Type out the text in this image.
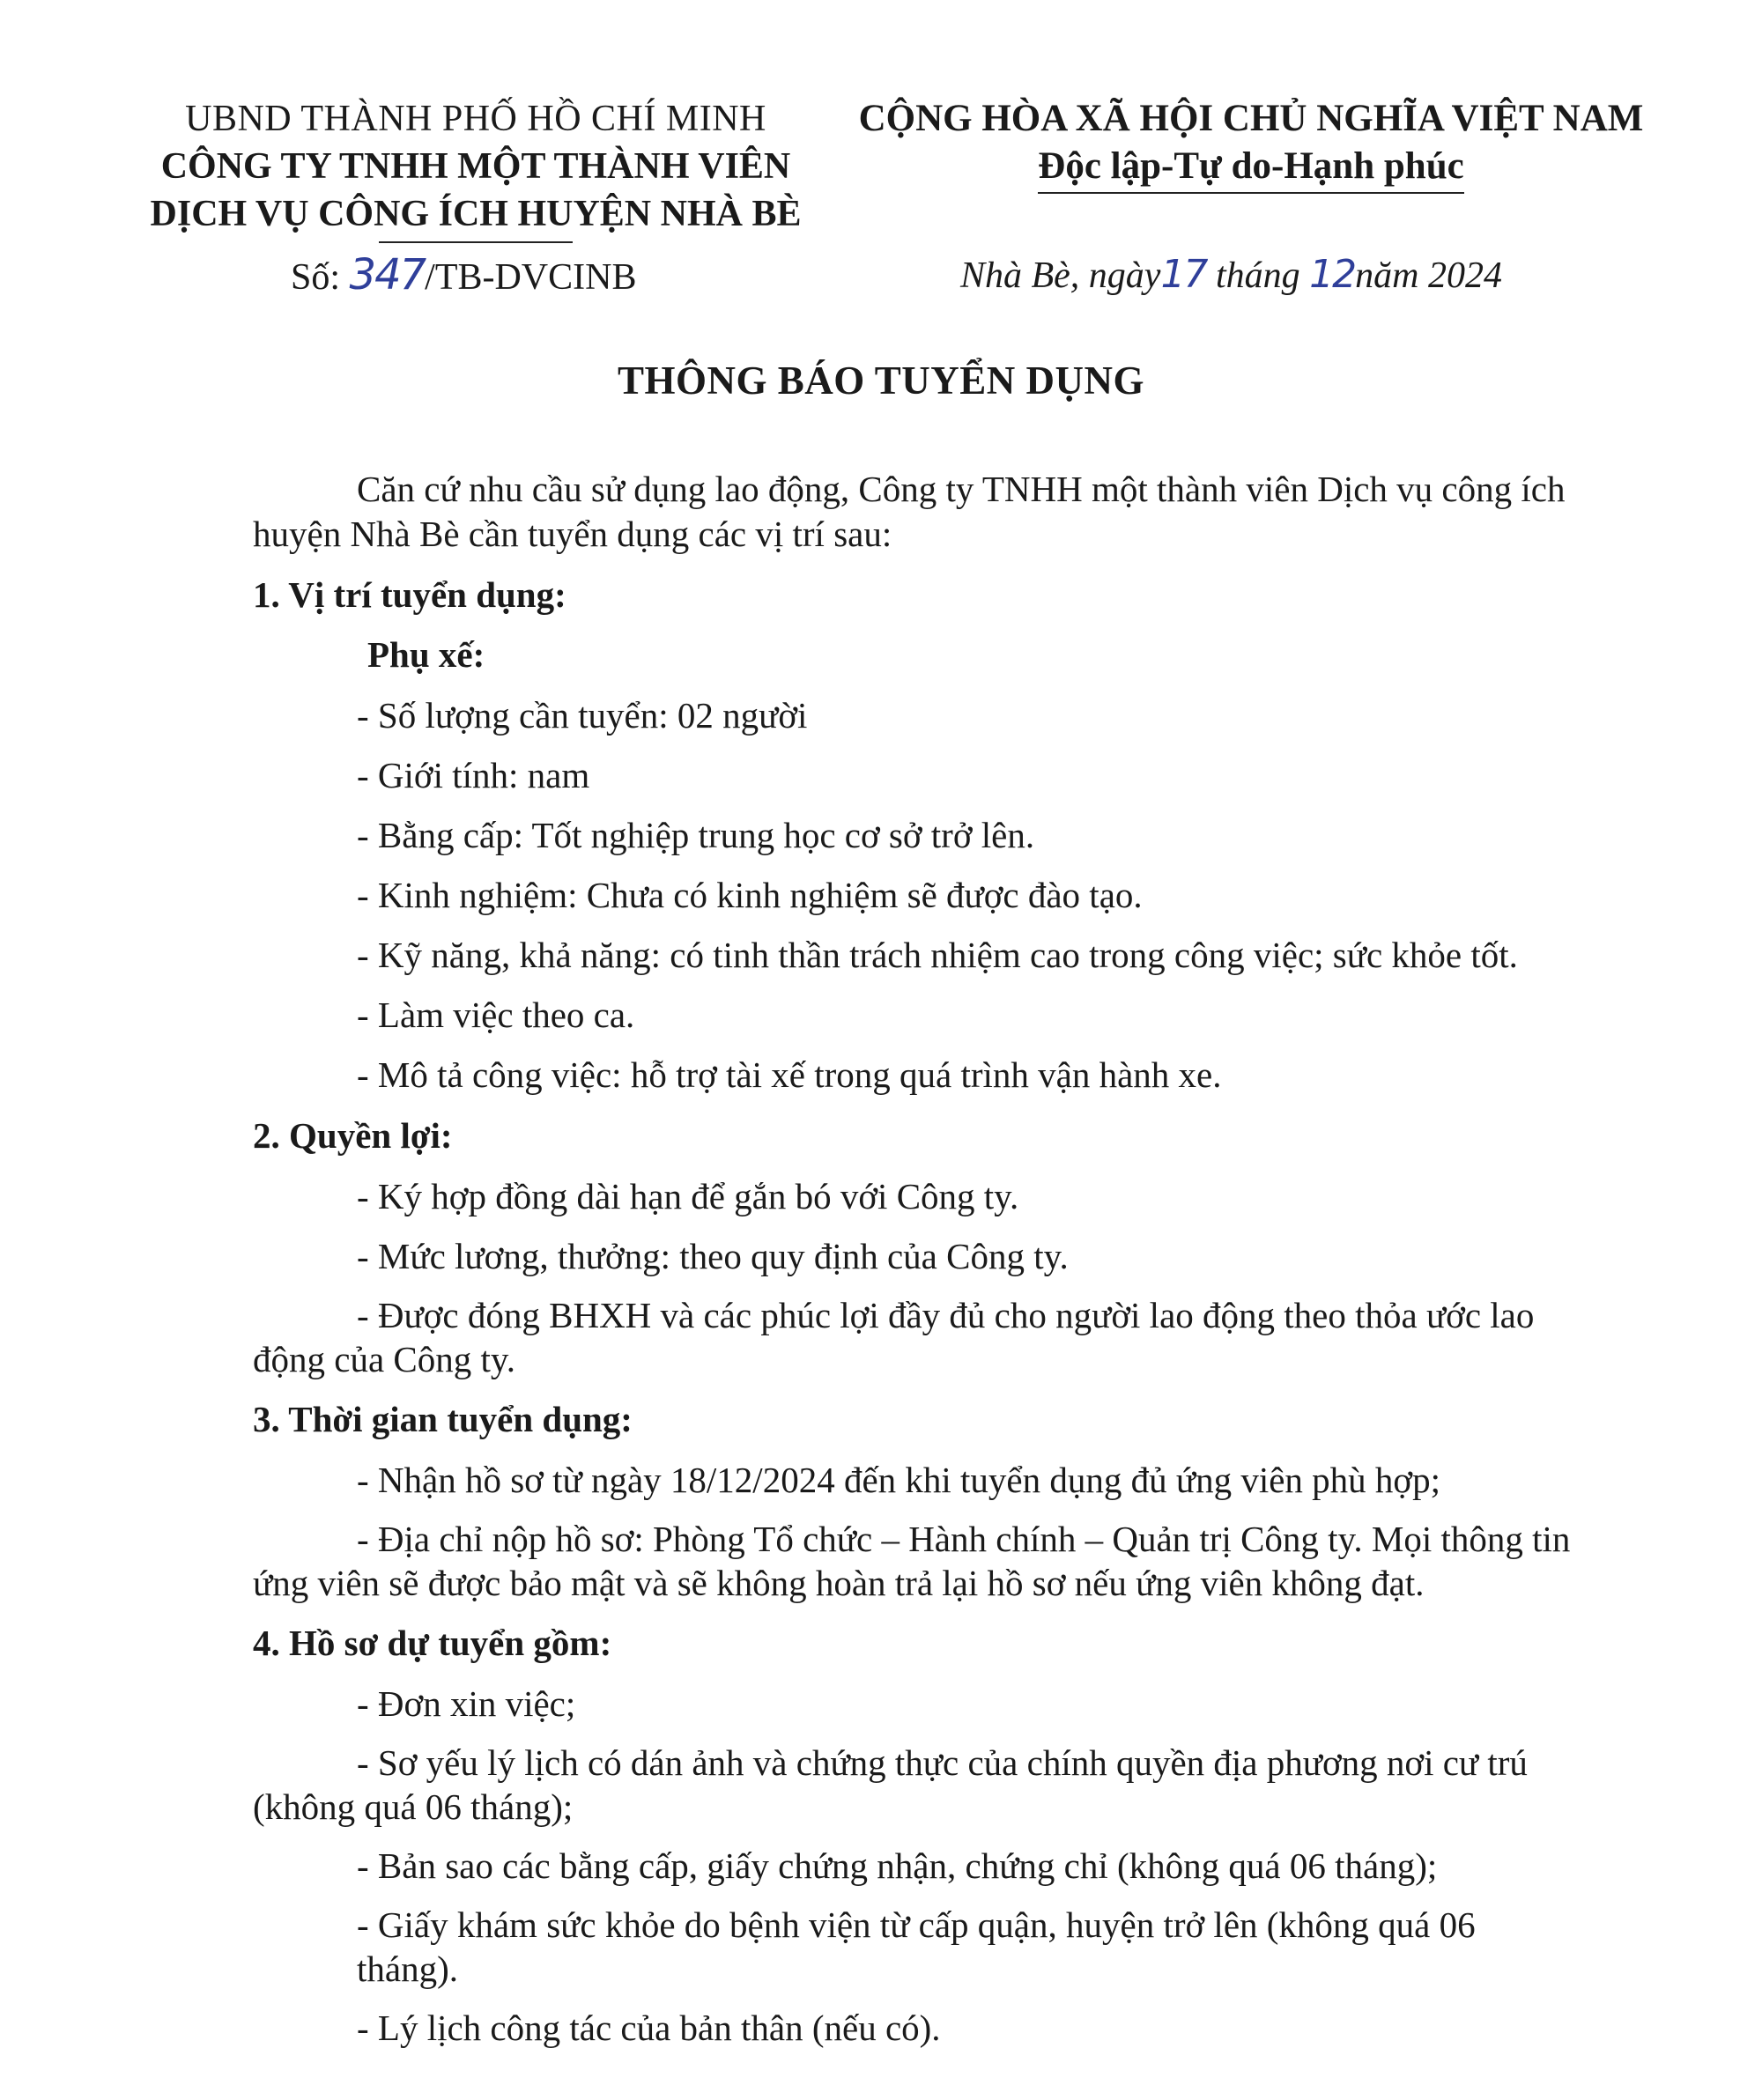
UBND THÀNH PHỐ HỒ CHÍ MINH
CÔNG TY TNHH MỘT THÀNH VIÊN
DỊCH VỤ CÔNG ÍCH HUYỆN NHÀ BÈ
CỘNG HÒA XÃ HỘI CHỦ NGHĨA VIỆT NAM
Độc lập-Tự do-Hạnh phúc
Số: 347/TB-DVCINB	Nhà Bè, ngày17 tháng 12năm 2024
THÔNG BÁO TUYỂN DỤNG

Căn cứ nhu cầu sử dụng lao động, Công ty TNHH một thành viên Dịch vụ công ích huyện Nhà Bè cần tuyển dụng các vị trí sau:

1. Vị trí tuyển dụng:
Phụ xế:
- Số lượng cần tuyển: 02 người
- Giới tính: nam
- Bằng cấp: Tốt nghiệp trung học cơ sở trở lên.
- Kinh nghiệm: Chưa có kinh nghiệm sẽ được đào tạo.
- Kỹ năng, khả năng: có tinh thần trách nhiệm cao trong công việc; sức khỏe tốt.
- Làm việc theo ca.
- Mô tả công việc: hỗ trợ tài xế trong quá trình vận hành xe.
2. Quyền lợi:
- Ký hợp đồng dài hạn để gắn bó với Công ty.
- Mức lương, thưởng: theo quy định của Công ty.
- Được đóng BHXH và các phúc lợi đầy đủ cho người lao động theo thỏa ước lao động của Công ty.
3. Thời gian tuyển dụng:
- Nhận hồ sơ từ ngày 18/12/2024 đến khi tuyển dụng đủ ứng viên phù hợp;
- Địa chỉ nộp hồ sơ: Phòng Tổ chức – Hành chính – Quản trị Công ty. Mọi thông tin ứng viên sẽ được bảo mật và sẽ không hoàn trả lại hồ sơ nếu ứng viên không đạt.
4. Hồ sơ dự tuyển gồm:
- Đơn xin việc;
- Sơ yếu lý lịch có dán ảnh và chứng thực của chính quyền địa phương nơi cư trú (không quá 06 tháng);
- Bản sao các bằng cấp, giấy chứng nhận, chứng chỉ (không quá 06 tháng);
- Giấy khám sức khỏe do bệnh viện từ cấp quận, huyện trở lên (không quá 06 tháng).
- Lý lịch công tác của bản thân (nếu có).
